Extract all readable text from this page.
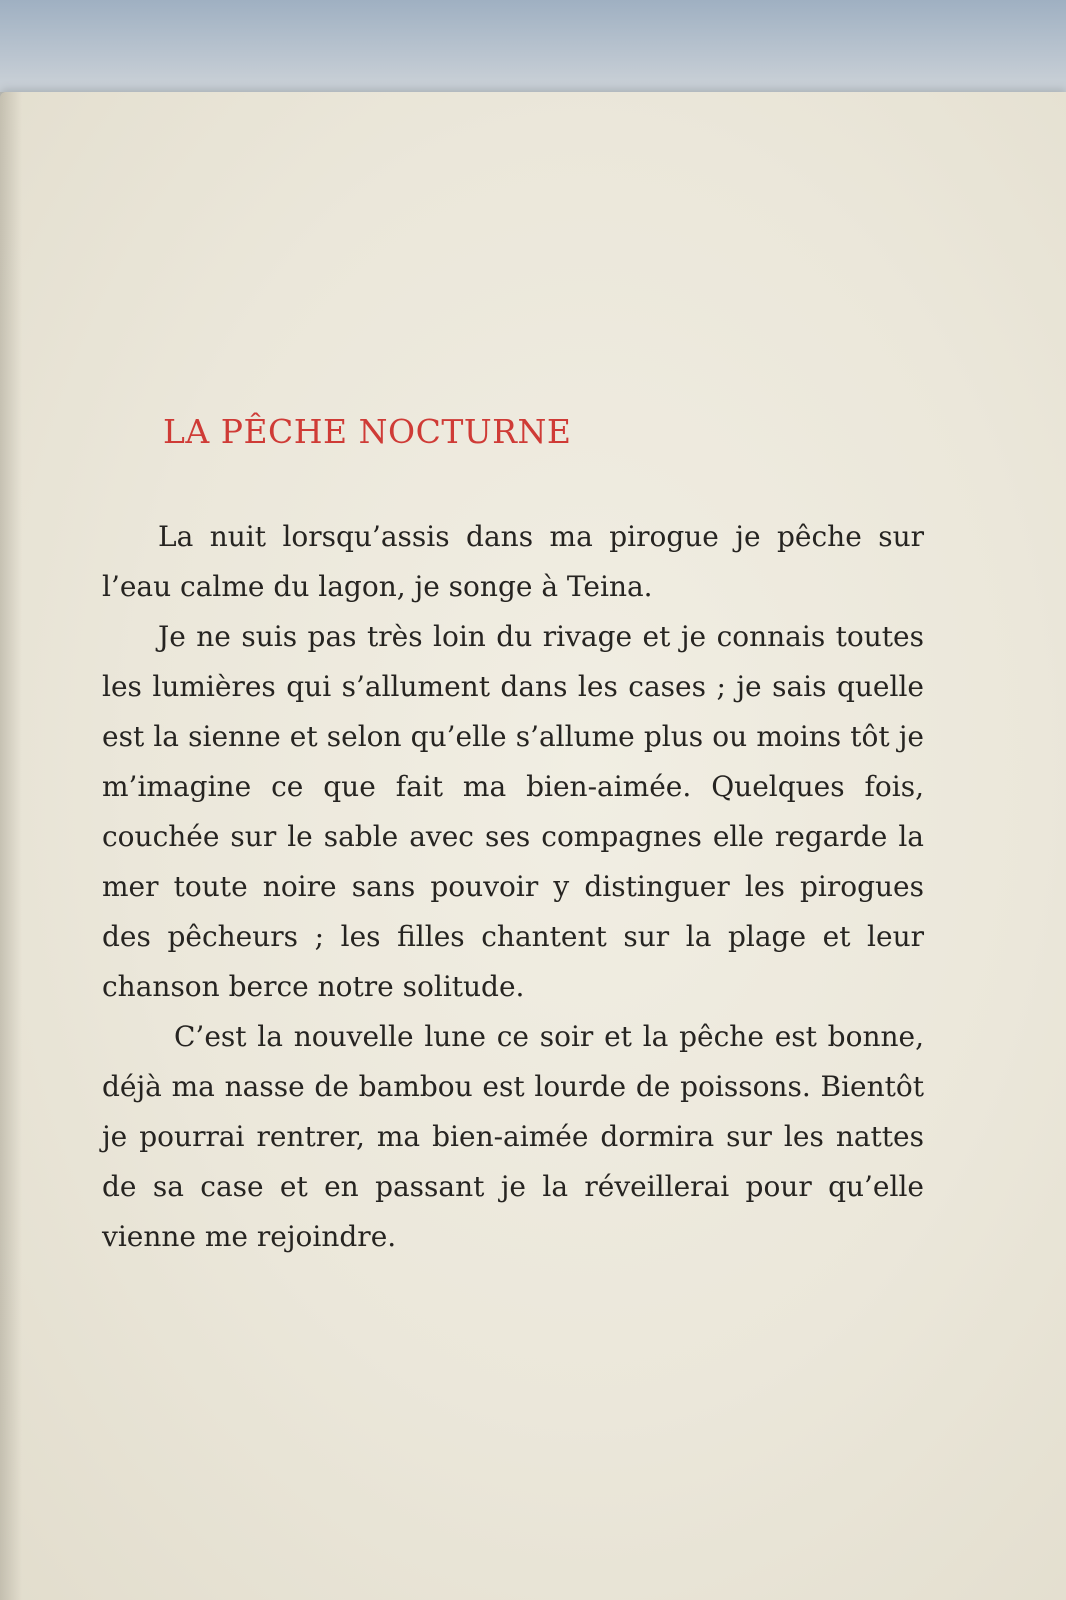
LA PÊCHE NOCTURNE

La nuit lorsqu’assis dans ma pirogue je pêche sur l’eau calme du lagon, je songe à Teina.

Je ne suis pas très loin du rivage et je connais toutes les lumières qui s’allument dans les cases ; je sais quelle est la sienne et selon qu’elle s’allume plus ou moins tôt je m’imagine ce que fait ma bien-aimée. Quelques fois, couchée sur le sable avec ses compagnes elle regarde la mer toute noire sans pouvoir y distinguer les pirogues des pêcheurs ; les filles chantent sur la plage et leur chanson berce notre solitude.

C’est la nouvelle lune ce soir et la pêche est bonne, déjà ma nasse de bambou est lourde de poissons. Bientôt je pourrai rentrer, ma bien-aimée dormira sur les nattes de sa case et en passant je la réveillerai pour qu’elle vienne me rejoindre.
